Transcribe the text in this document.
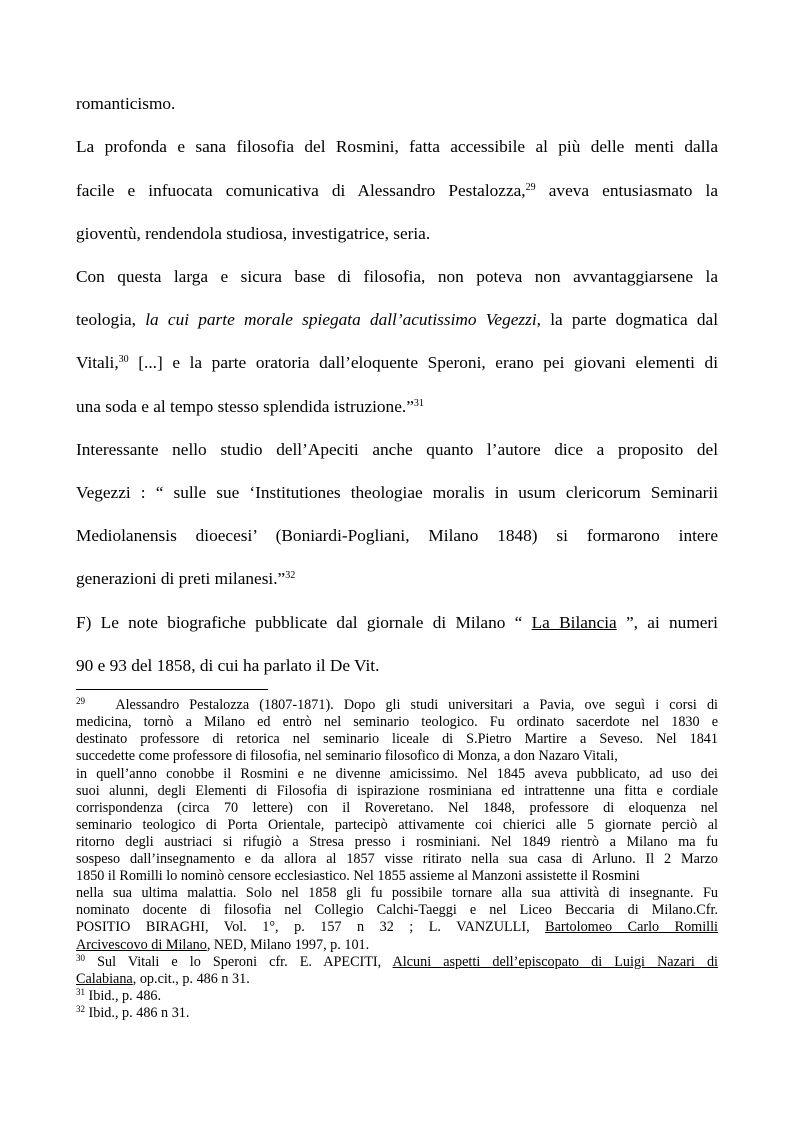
romanticismo.
La profonda e sana filosofia del Rosmini, fatta accessibile al più delle menti dalla
facile e infuocata comunicativa di Alessandro Pestalozza,$^{29}$ aveva entusiasmato la
gioventù, rendendola studiosa, investigatrice, seria.
Con questa larga e sicura base di filosofia, non poteva non avvantaggiarsene la
teologia, la cui parte morale spiegata dall’acutissimo Vegezzi, la parte dogmatica dal
Vitali,$^{30}$ [...] e la parte oratoria dall’eloquente Speroni, erano pei giovani elementi di
una soda e al tempo stesso splendida istruzione.”$^{31}$
Interessante nello studio dell’Apeciti anche quanto l’autore dice a proposito del
Vegezzi : “ sulle sue ‘Institutiones theologiae moralis in usum clericorum Seminarii
Mediolanensis dioecesi’ (Boniardi-Pogliani, Milano 1848) si formarono intere
generazioni di preti milanesi.”$^{32}$
F) Le note biografiche pubblicate dal giornale di Milano “ La Bilancia ”, ai numeri
90 e 93 del 1858, di cui ha parlato il De Vit.
$^{29}$ Alessandro Pestalozza (1807-1871). Dopo gli studi universitari a Pavia, ove seguì i corsi di
medicina, tornò a Milano ed entrò nel seminario teologico. Fu ordinato sacerdote nel 1830 e
destinato professore di retorica nel seminario liceale di S.Pietro Martire a Seveso. Nel 1841
succedette come professore di filosofia, nel seminario filosofico di Monza, a don Nazaro Vitali,
in quell’anno conobbe il Rosmini e ne divenne amicissimo. Nel 1845 aveva pubblicato, ad uso dei
suoi alunni, degli Elementi di Filosofia di ispirazione rosminiana ed intrattenne una fitta e cordiale
corrispondenza (circa 70 lettere) con il Roveretano. Nel 1848, professore di eloquenza nel
seminario teologico di Porta Orientale, partecipò attivamente coi chierici alle 5 giornate perciò al
ritorno degli austriaci si rifugiò a Stresa presso i rosminiani. Nel 1849 rientrò a Milano ma fu
sospeso dall’insegnamento e da allora al 1857 visse ritirato nella sua casa di Arluno. Il 2 Marzo
1850 il Romilli lo nominò censore ecclesiastico. Nel 1855 assieme al Manzoni assistette il Rosmini
nella sua ultima malattia. Solo nel 1858 gli fu possibile tornare alla sua attività di insegnante. Fu
nominato docente di filosofia nel Collegio Calchi-Taeggi e nel Liceo Beccaria di Milano.Cfr.
POSITIO BIRAGHI, Vol. 1°, p. 157 n 32 ; L. VANZULLI, Bartolomeo Carlo Romilli
Arcivescovo di Milano, NED, Milano 1997, p. 101.
$^{30}$ Sul Vitali e lo Speroni cfr. E. APECITI, Alcuni aspetti dell’episcopato di Luigi Nazari di
Calabiana, op.cit., p. 486 n 31.
$^{31}$ Ibid., p. 486.
$^{32}$ Ibid., p. 486 n 31.
